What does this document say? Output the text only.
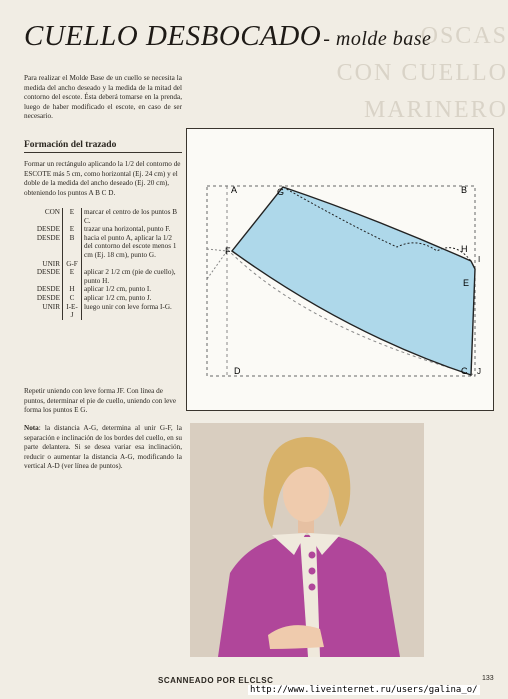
OSCAS
CON CUELLO
MARINERO
CUELLO DESBOCADO - molde base
Para realizar el Molde Base de un cuello se necesita la medida del ancho deseado y la medida de la mitad del contorno del escote. Ésta deberá tomarse en la prenda, luego de haber modificado el escote, en caso de ser necesario.
Formación del trazado
Formar un rectángulo aplicando la 1/2 del contorno de ESCOTE más 5 cm, como horizontal (Ej. 24 cm) y el doble de la medida del ancho deseado (Ej. 20 cm), obteniendo los puntos A B C D.
CON	E	marcar el centro de los puntos B C.
DESDE	E	trazar una horizontal, punto F.
DESDE	B	hacia el punto A, aplicar la 1/2 del contorno del escote menos 1 cm (Ej. 18 cm), punto G.
UNIR	G-F	
DESDE	E	aplicar 2 1/2 cm (pie de cuello), punto H.
DESDE	H	aplicar 1/2 cm, punto I.
DESDE	C	aplicar 1/2 cm, punto J.
UNIR	I-E-J	luego unir con leve forma I-G.
Repetir uniendo con leve forma JF. Con línea de puntos, determinar el pie de cuello, uniendo con leve forma los puntos E G.
Nota: la distancia A-G, determina al unir G-F, la separación e inclinación de los bordes del cuello, en su parte delantera. Si se desea variar esa inclinación, reducir o aumentar la distancia A-G, modificando la vertical A-D (ver línea de puntos).
A	G	B
H
I
E
F
D	C J
SCANNEADO POR ELCLSC	133
http://www.liveinternet.ru/users/galina_o/
